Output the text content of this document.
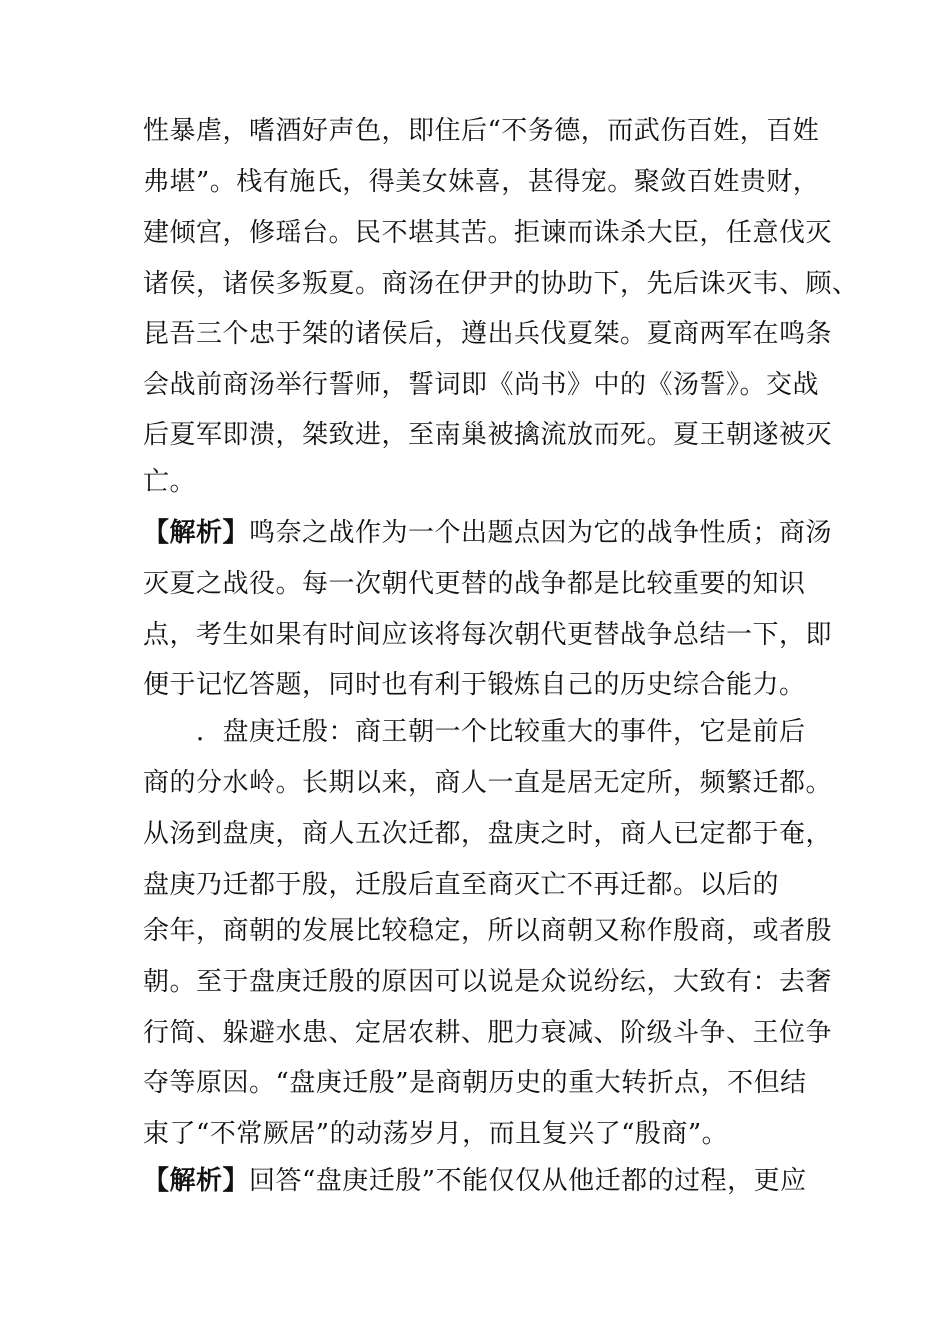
性暴虐，嗜酒好声色，即住后“不务德，而武伤百姓，百姓
弗堪”。栈有施氏，得美女妹喜，甚得宠。聚敛百姓贵财，
建倾宫，修瑶台。民不堪其苦。拒谏而诛杀大臣，任意伐灭
诸侯，诸侯多叛夏。商汤在伊尹的协助下，先后诛灭韦、顾、
昆吾三个忠于桀的诸侯后，遵出兵伐夏桀。夏商两军在鸣条
会战前商汤举行誓师，誓词即《尚书》中的《汤誓》。交战
后夏军即溃，桀致进，至南巢被擒流放而死。夏王朝遂被灭
亡。
【解析】鸣奈之战作为一个出题点因为它的战争性质；商汤
灭夏之战役。每一次朝代更替的战争都是比较重要的知识
点，考生如果有时间应该将每次朝代更替战争总结一下，即
便于记忆答题，同时也有利于锻炼自己的历史综合能力。
　　．盘庚迁殷：商王朝一个比较重大的事件，它是前后
商的分水岭。长期以来，商人一直是居无定所，频繁迁都。
从汤到盘庚，商人五次迁都，盘庚之时，商人已定都于奄，
盘庚乃迁都于殷，迁殷后直至商灭亡不再迁都。以后的
余年，商朝的发展比较稳定，所以商朝又称作殷商，或者殷
朝。至于盘庚迁殷的原因可以说是众说纷纭，大致有：去奢
行简、躲避水患、定居农耕、肥力衰减、阶级斗争、王位争
夺等原因。“盘庚迁殷”是商朝历史的重大转折点，不但结
束了“不常厥居”的动荡岁月，而且复兴了“殷商”。
【解析】回答“盘庚迁殷”不能仅仅从他迁都的过程，更应
